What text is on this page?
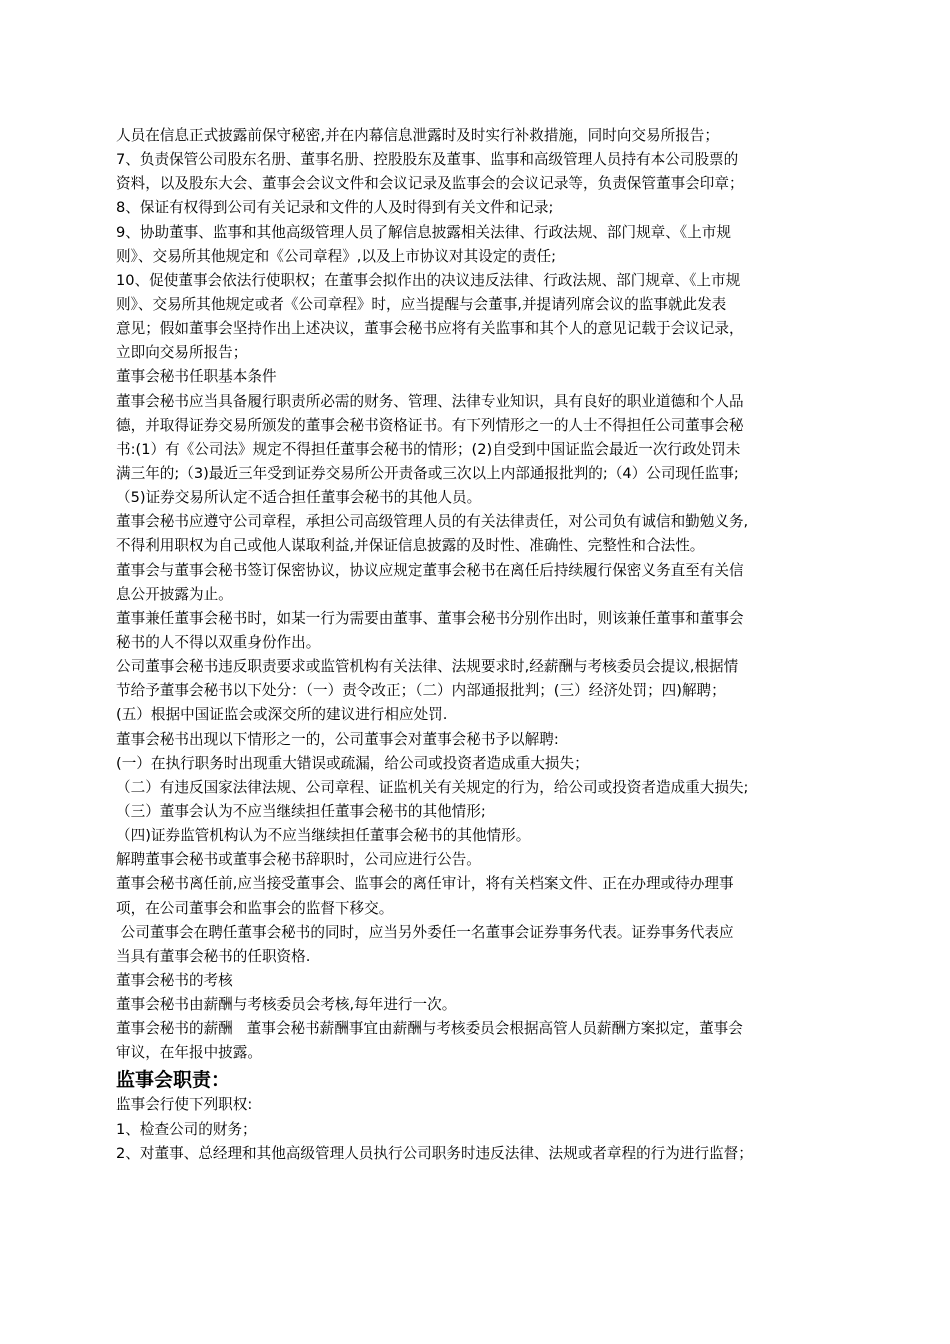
人员在信息正式披露前保守秘密,并在内幕信息泄露时及时实行补救措施，同时向交易所报告；
7、负责保管公司股东名册、董事名册、控股股东及董事、监事和高级管理人员持有本公司股票的
资料，以及股东大会、董事会会议文件和会议记录及监事会的会议记录等，负责保管董事会印章；
8、保证有权得到公司有关记录和文件的人及时得到有关文件和记录;
9、协助董事、监事和其他高级管理人员了解信息披露相关法律、行政法规、部门规章、《上市规
则》、交易所其他规定和《公司章程》,以及上市协议对其设定的责任;
10、促使董事会依法行使职权；在董事会拟作出的决议违反法律、行政法规、部门规章、《上市规
则》、交易所其他规定或者《公司章程》时，应当提醒与会董事,并提请列席会议的监事就此发表
意见；假如董事会坚持作出上述决议，董事会秘书应将有关监事和其个人的意见记载于会议记录，
立即向交易所报告；
董事会秘书任职基本条件
董事会秘书应当具备履行职责所必需的财务、管理、法律专业知识，具有良好的职业道德和个人品
德，并取得证券交易所颁发的董事会秘书资格证书。有下列情形之一的人士不得担任公司董事会秘
书:(1）有《公司法》规定不得担任董事会秘书的情形；(2)自受到中国证监会最近一次行政处罚未
满三年的;（3)最近三年受到证券交易所公开责备或三次以上内部通报批判的;（4）公司现任监事;
（5)证券交易所认定不适合担任董事会秘书的其他人员。
董事会秘书应遵守公司章程，承担公司高级管理人员的有关法律责任，对公司负有诚信和勤勉义务,
不得利用职权为自己或他人谋取利益,并保证信息披露的及时性、准确性、完整性和合法性。
董事会与董事会秘书签订保密协议，协议应规定董事会秘书在离任后持续履行保密义务直至有关信
息公开披露为止。
董事兼任董事会秘书时，如某一行为需要由董事、董事会秘书分别作出时，则该兼任董事和董事会
秘书的人不得以双重身份作出。
公司董事会秘书违反职责要求或监管机构有关法律、法规要求时,经薪酬与考核委员会提议,根据情
节给予董事会秘书以下处分：（一）责令改正；（二）内部通报批判；(三）经济处罚；四)解聘；
(五）根据中国证监会或深交所的建议进行相应处罚.
董事会秘书出现以下情形之一的，公司董事会对董事会秘书予以解聘:
(一）在执行职务时出现重大错误或疏漏，给公司或投资者造成重大损失；
（二）有违反国家法律法规、公司章程、证监机关有关规定的行为，给公司或投资者造成重大损失;
（三）董事会认为不应当继续担任董事会秘书的其他情形;
（四)证券监管机构认为不应当继续担任董事会秘书的其他情形。
解聘董事会秘书或董事会秘书辞职时，公司应进行公告。
董事会秘书离任前,应当接受董事会、监事会的离任审计，将有关档案文件、正在办理或待办理事
项，在公司董事会和监事会的监督下移交。
公司董事会在聘任董事会秘书的同时，应当另外委任一名董事会证券事务代表。证券事务代表应
当具有董事会秘书的任职资格.
董事会秘书的考核
董事会秘书由薪酬与考核委员会考核,每年进行一次。
董事会秘书的薪酬   董事会秘书薪酬事宜由薪酬与考核委员会根据高管人员薪酬方案拟定，董事会
审议，在年报中披露。
监事会职责：
监事会行使下列职权:
1、检查公司的财务；
2、对董事、总经理和其他高级管理人员执行公司职务时违反法律、法规或者章程的行为进行监督；
